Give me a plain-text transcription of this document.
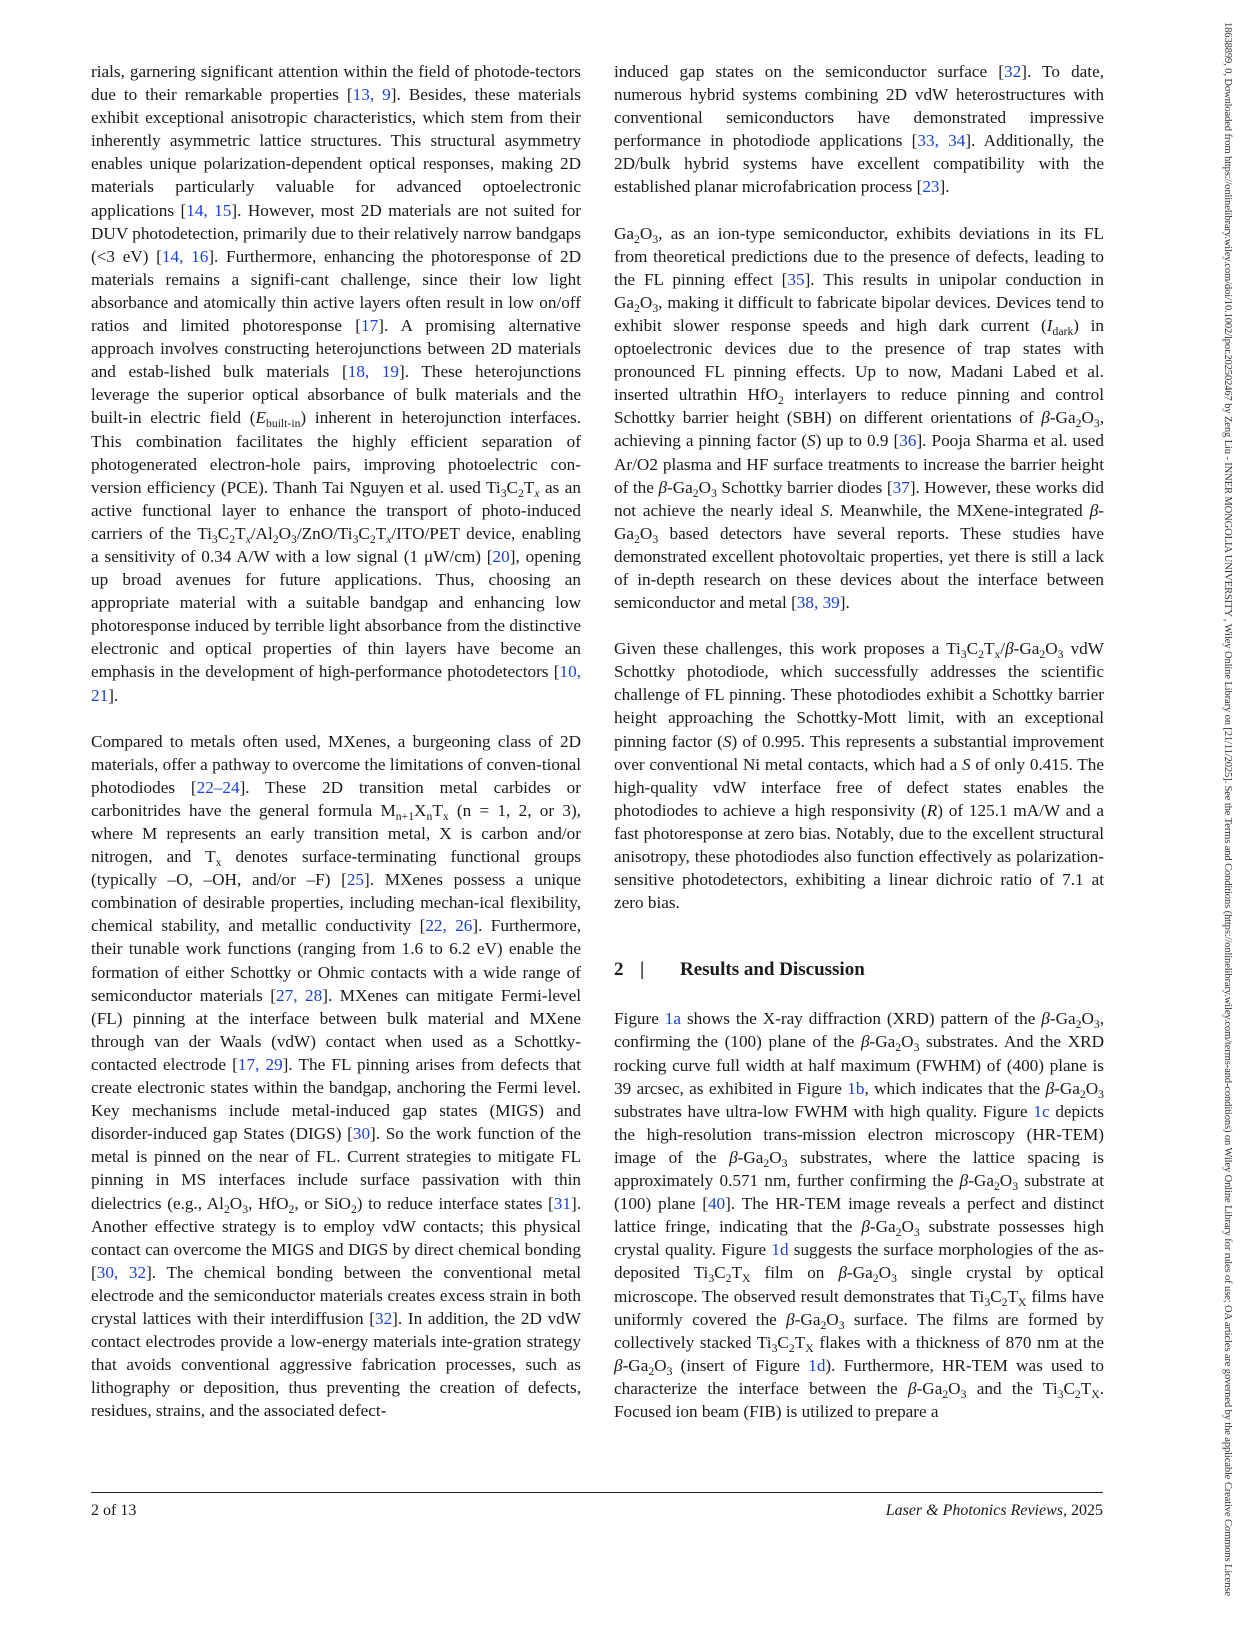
18638899, 0, Downloaded from https://onlinelibrary.wiley.com/doi/10.1002/lpor.202502467 by Zeng Liu - INNER MONGOLIA UNIVERSITY , Wiley Online Library on [21/11/2025]. See the Terms and Conditions (https://onlinelibrary.wiley.com/terms-and-conditions) on Wiley Online Library for rules of use; OA articles are governed by the applicable Creative Commons License

rials, garnering significant attention within the field of photode-tectors due to their remarkable properties [13, 9]. Besides, these materials exhibit exceptional anisotropic characteristics, which stem from their inherently asymmetric lattice structures. This structural asymmetry enables unique polarization-dependent optical responses, making 2D materials particularly valuable for advanced optoelectronic applications [14, 15]. However, most 2D materials are not suited for DUV photodetection, primarily due to their relatively narrow bandgaps (<3 eV) [14, 16]. Furthermore, enhancing the photoresponse of 2D materials remains a signifi-cant challenge, since their low light absorbance and atomically thin active layers often result in low on/off ratios and limited photoresponse [17]. A promising alternative approach involves constructing heterojunctions between 2D materials and estab-lished bulk materials [18, 19]. These heterojunctions leverage the superior optical absorbance of bulk materials and the built-in electric field $(E_{built-in})$ inherent in heterojunction interfaces. This combination facilitates the highly efficient separation of photogenerated electron-hole pairs, improving photoelectric con-version efficiency (PCE). Thanh Tai Nguyen et al. used $Ti_3C_2T_x$ as an active functional layer to enhance the transport of photo-induced carriers of the $Ti_3C_2T_x/Al_2O_3/ZnO/Ti_3C_2T_x/ITO$/PET device, enabling a sensitivity of 0.34 A/W with a low signal (1 μW/cm) [20], opening up broad avenues for future applications. Thus, choosing an appropriate material with a suitable bandgap and enhancing low photoresponse induced by terrible light absorbance from the distinctive electronic and optical properties of thin layers have become an emphasis in the development of high-performance photodetectors [10, 21].

Compared to metals often used, MXenes, a burgeoning class of 2D materials, offer a pathway to overcome the limitations of conven-tional photodiodes [22–24]. These 2D transition metal carbides or carbonitrides have the general formula $M_{n+1}X_nT_x$ (n = 1, 2, or 3), where M represents an early transition metal, X is carbon and/or nitrogen, and $T_x$ denotes surface-terminating functional groups (typically –O, –OH, and/or –F) [25]. MXenes possess a unique combination of desirable properties, including mechan-ical flexibility, chemical stability, and metallic conductivity [22, 26]. Furthermore, their tunable work functions (ranging from 1.6 to 6.2 eV) enable the formation of either Schottky or Ohmic contacts with a wide range of semiconductor materials [27, 28]. MXenes can mitigate Fermi-level (FL) pinning at the interface between bulk material and MXene through van der Waals (vdW) contact when used as a Schottky-contacted electrode [17, 29]. The FL pinning arises from defects that create electronic states within the bandgap, anchoring the Fermi level. Key mechanisms include metal-induced gap states (MIGS) and disorder-induced gap States (DIGS) [30]. So the work function of the metal is pinned on the near of FL. Current strategies to mitigate FL pinning in MS interfaces include surface passivation with thin dielectrics (e.g., $Al_2O_3$, HfO$_2$, or SiO$_2$) to reduce interface states [31]. Another effective strategy is to employ vdW contacts; this physical contact can overcome the MIGS and DIGS by direct chemical bonding [30, 32]. The chemical bonding between the conventional metal electrode and the semiconductor materials creates excess strain in both crystal lattices with their interdiffusion [32]. In addition, the 2D vdW contact electrodes provide a low-energy materials inte-gration strategy that avoids conventional aggressive fabrication processes, such as lithography or deposition, thus preventing the creation of defects, residues, strains, and the associated defect-

induced gap states on the semiconductor surface [32]. To date, numerous hybrid systems combining 2D vdW heterostructures with conventional semiconductors have demonstrated impressive performance in photodiode applications [33, 34]. Additionally, the 2D/bulk hybrid systems have excellent compatibility with the established planar microfabrication process [23].

$Ga_2O_3$, as an ion-type semiconductor, exhibits deviations in its FL from theoretical predictions due to the presence of defects, leading to the FL pinning effect [35]. This results in unipolar conduction in $Ga_2O_3$, making it difficult to fabricate bipolar devices. Devices tend to exhibit slower response speeds and high dark current $(I_{dark})$ in optoelectronic devices due to the presence of trap states with pronounced FL pinning effects. Up to now, Madani Labed et al. inserted ultrathin HfO$_2$ interlayers to reduce pinning and control Schottky barrier height (SBH) on different orientations of $\beta-Ga_2O_3$, achieving a pinning factor (S) up to 0.9 [36]. Pooja Sharma et al. used Ar/O2 plasma and HF surface treatments to increase the barrier height of the $\beta-Ga_2O_3$ Schottky barrier diodes [37]. However, these works did not achieve the nearly ideal S. Meanwhile, the MXene-integrated $\beta-Ga_2O_3$ based detectors have several reports. These studies have demonstrated excellent photovoltaic properties, yet there is still a lack of in-depth research on these devices about the interface between semiconductor and metal [38, 39].

Given these challenges, this work proposes a $Ti_3C_2T_x/\beta-Ga_2O_3$ vdW Schottky photodiode, which successfully addresses the scientific challenge of FL pinning. These photodiodes exhibit a Schottky barrier height approaching the Schottky-Mott limit, with an exceptional pinning factor (S) of 0.995. This represents a substantial improvement over conventional Ni metal contacts, which had a S of only 0.415. The high-quality vdW interface free of defect states enables the photodiodes to achieve a high responsivity (R) of 125.1 mA/W and a fast photoresponse at zero bias. Notably, due to the excellent structural anisotropy, these photodiodes also function effectively as polarization-sensitive photodetectors, exhibiting a linear dichroic ratio of 7.1 at zero bias.

2 | Results and Discussion

Figure 1a shows the X-ray diffraction (XRD) pattern of the $\beta-Ga_2O_3$, confirming the (100) plane of the $\beta-Ga_2O_3$ substrates. And the XRD rocking curve full width at half maximum (FWHM) of (400) plane is 39 arcsec, as exhibited in Figure 1b, which indicates that the $\beta-Ga_2O_3$ substrates have ultra-low FWHM with high quality. Figure 1c depicts the high-resolution trans-mission electron microscopy (HR-TEM) image of the $\beta-Ga_2O_3$ substrates, where the lattice spacing is approximately 0.571 nm, further confirming the $\beta-Ga_2O_3$ substrate at (100) plane [40]. The HR-TEM image reveals a perfect and distinct lattice fringe, indicating that the $\beta-Ga_2O_3$ substrate possesses high crystal quality. Figure 1d suggests the surface morphologies of the as-deposited $Ti_3C_2T_X$ film on $\beta-Ga_2O_3$ single crystal by optical microscope. The observed result demonstrates that $Ti_3C_2T_X$ films have uniformly covered the $\beta-Ga_2O_3$ surface. The films are formed by collectively stacked $Ti_3C_2T_X$ flakes with a thickness of 870 nm at the $\beta-Ga_2O_3$ (insert of Figure 1d). Furthermore, HR-TEM was used to characterize the interface between the $\beta-Ga_2O_3$ and the $Ti_3C_2T_X$. Focused ion beam (FIB) is utilized to prepare a

2 of 13	Laser & Photonics Reviews, 2025
